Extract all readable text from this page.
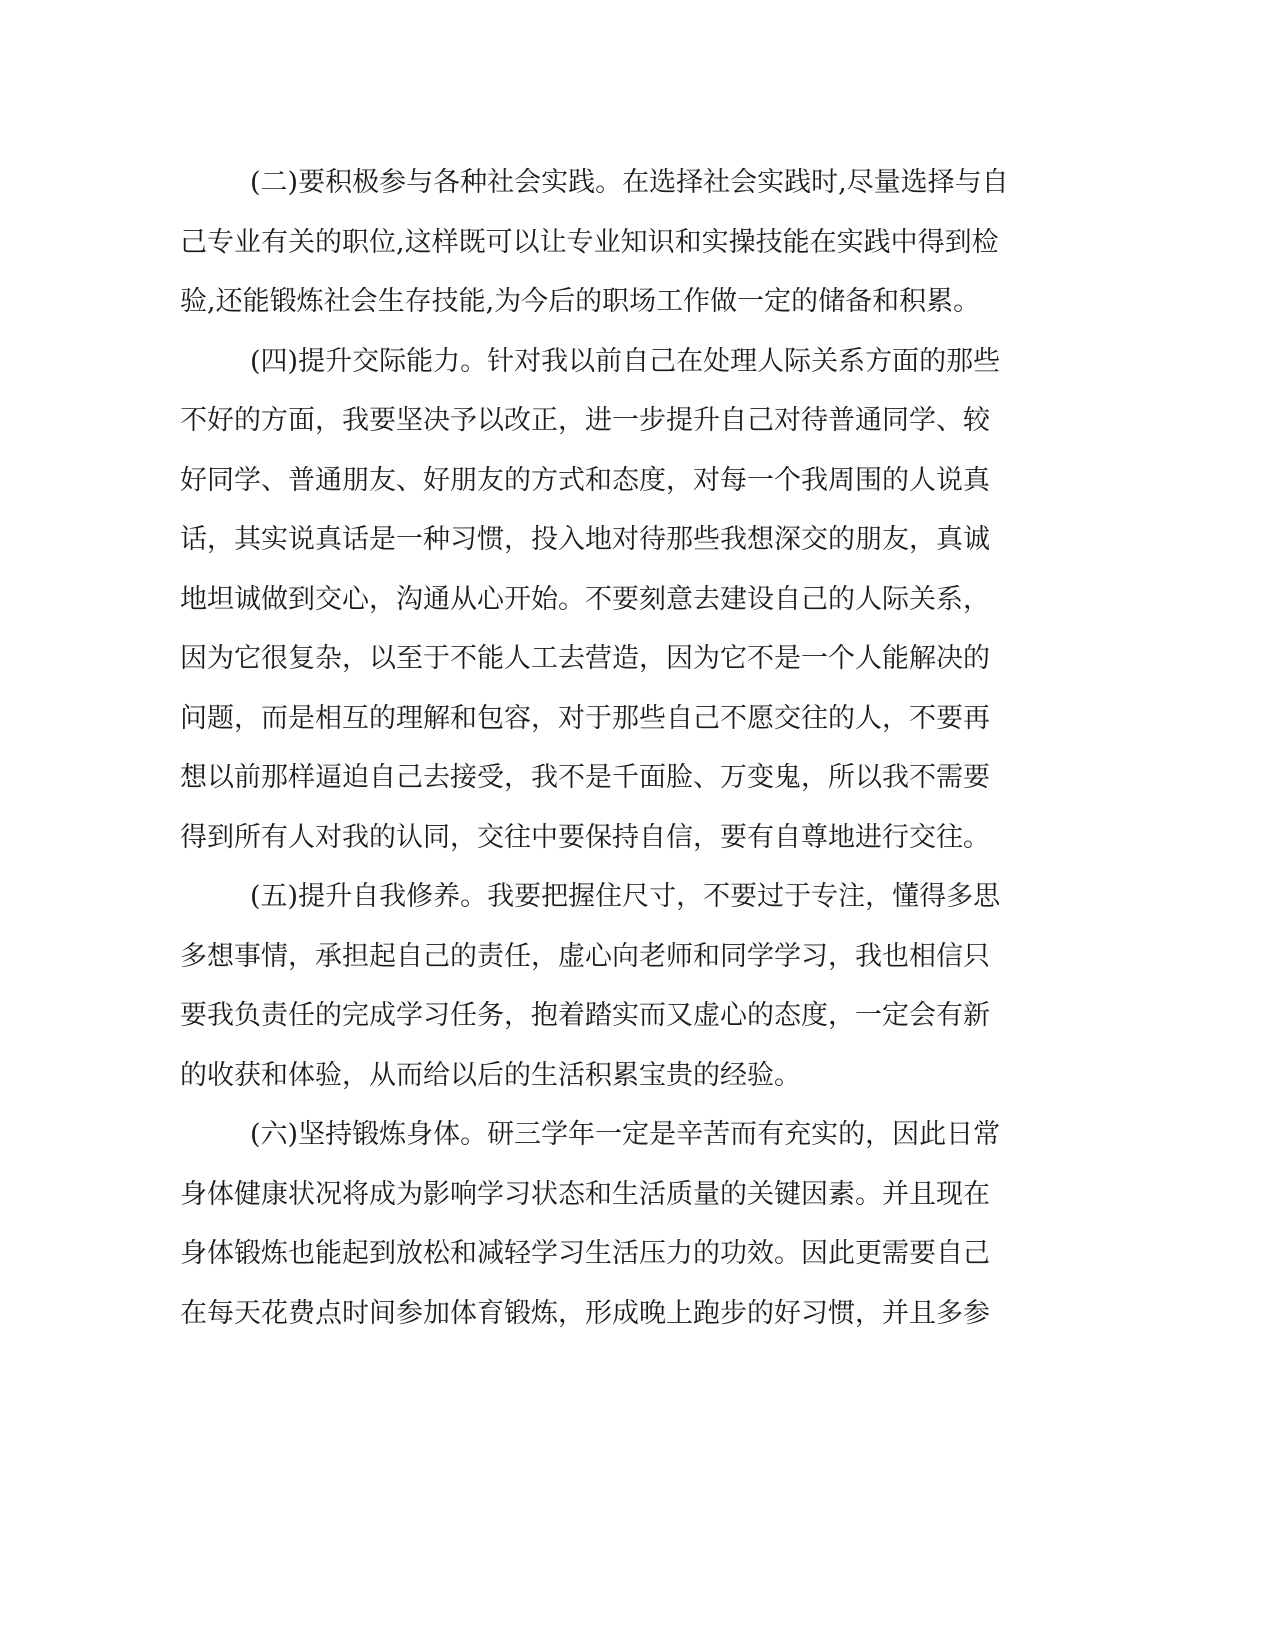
(二)要积极参与各种社会实践。在选择社会实践时,尽量选择与自
己专业有关的职位,这样既可以让专业知识和实操技能在实践中得到检
验,还能锻炼社会生存技能,为今后的职场工作做一定的储备和积累。
(四)提升交际能力。针对我以前自己在处理人际关系方面的那些
不好的方面，我要坚决予以改正，进一步提升自己对待普通同学、较
好同学、普通朋友、好朋友的方式和态度，对每一个我周围的人说真
话，其实说真话是一种习惯，投入地对待那些我想深交的朋友，真诚
地坦诚做到交心，沟通从心开始。不要刻意去建设自己的人际关系，
因为它很复杂，以至于不能人工去营造，因为它不是一个人能解决的
问题，而是相互的理解和包容，对于那些自己不愿交往的人，不要再
想以前那样逼迫自己去接受，我不是千面脸、万变鬼，所以我不需要
得到所有人对我的认同，交往中要保持自信，要有自尊地进行交往。
(五)提升自我修养。我要把握住尺寸，不要过于专注，懂得多思
多想事情，承担起自己的责任，虚心向老师和同学学习，我也相信只
要我负责任的完成学习任务，抱着踏实而又虚心的态度，一定会有新
的收获和体验，从而给以后的生活积累宝贵的经验。
(六)坚持锻炼身体。研三学年一定是辛苦而有充实的，因此日常
身体健康状况将成为影响学习状态和生活质量的关键因素。并且现在
身体锻炼也能起到放松和减轻学习生活压力的功效。因此更需要自己
在每天花费点时间参加体育锻炼，形成晚上跑步的好习惯，并且多参
